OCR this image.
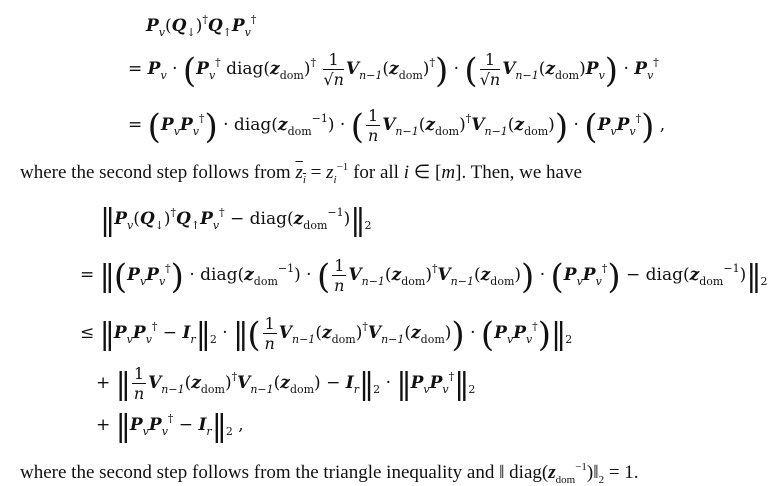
$P_v(Q_↓)^\dagger Q_↑P_v^\dagger$
= $P_v \cdot (P_v^\dagger$ $diag(z_{dom})^\dagger \frac{1}{√n} V_{n-1}(z_{dom})^\dagger$) · ( $\frac{1}{√n} V_{n-1}(z_{dom})P_v) \cdot P_v^\dagger$
= $(P_vP_v^\dagger)$ · $diag(z_{dom}^{-1})$ · ( $\frac{1}{n} V_{n-1}(z_{dom})^\dagger V_{n-1}(z_{dom})) \cdot (P_vP_v^\dagger)$ ,
where the second step follows from $z_i = z_i^{-1}$ for all i ∈ [m]. Then, we have
|| $P_v(Q_↓)^\dagger Q_↑P_v^\dagger$ − $diag(z_{dom}^{-1})||$ $_2$
= || $(P_vP_v^\dagger)$ · $diag(z_{dom}^{-1})$ · ( $\frac{1}{n} V_{n-1}(z_{dom})^\dagger V_{n-1}(z_{dom})) \cdot (P_vP_v^\dagger)$ − $diag(z_{dom}^{-1})||$ $_2$
≤ || $P_vP_v^\dagger - I_r||$ $_2$ · || ( $\frac{1}{n} V_{n-1}(z_{dom})^\dagger V_{n-1}(z_{dom})) \cdot (P_vP_v^\dagger)||$ $_2$
+ || $\frac{1}{n} V_{n-1}(z_{dom})^\dagger V_{n-1}(z_{dom}) - I_r||$ $_2$ · || $P_vP_v^\dagger||$ $_2$
+ || $P_vP_v^\dagger - I_r||$ $_2$ ,
where the second step follows from the triangle inequality and ‖ $diag(z_{dom}^{-1})‖_2 = 1$.
